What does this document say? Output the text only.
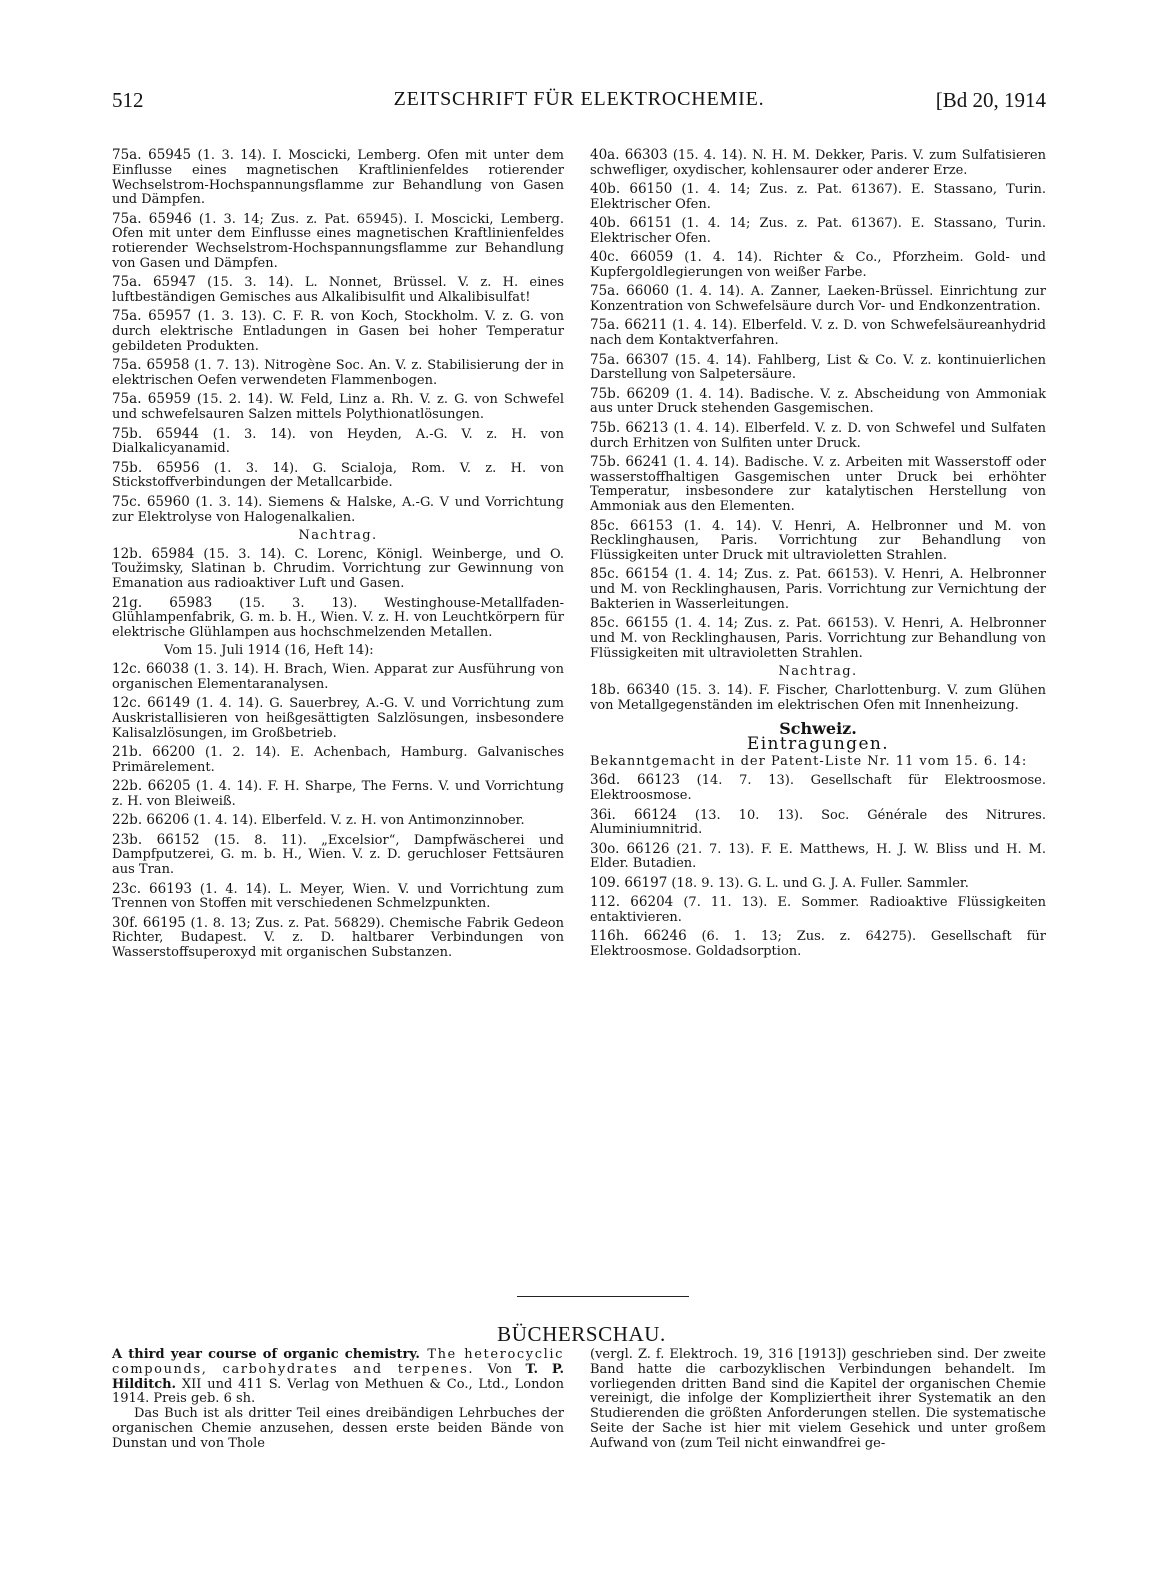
512	ZEITSCHRIFT FÜR ELEKTROCHEMIE.	[Bd 20, 1914

75a. 65945 (1. 3. 14). I. Moscicki, Lemberg. Ofen mit unter dem Einflusse eines magnetischen Kraftlinienfeldes rotierender Wechselstrom-Hochspannungsflamme zur Behandlung von Gasen und Dämpfen.

75a. 65946 (1. 3. 14; Zus. z. Pat. 65945). I. Moscicki, Lemberg. Ofen mit unter dem Einflusse eines magnetischen Kraftlinienfeldes rotierender Wechselstrom-Hochspannungsflamme zur Behandlung von Gasen und Dämpfen.

75a. 65947 (15. 3. 14). L. Nonnet, Brüssel. V. z. H. eines luftbeständigen Gemisches aus Alkalibisulfit und Alkalibisulfat!

75a. 65957 (1. 3. 13). C. F. R. von Koch, Stockholm. V. z. G. von durch elektrische Entladungen in Gasen bei hoher Temperatur gebildeten Produkten.

75a. 65958 (1. 7. 13). Nitrogène Soc. An. V. z. Stabilisierung der in elektrischen Oefen verwendeten Flammenbogen.

75a. 65959 (15. 2. 14). W. Feld, Linz a. Rh. V. z. G. von Schwefel und schwefelsauren Salzen mittels Polythionatlösungen.

75b. 65944 (1. 3. 14). von Heyden, A.-G. V. z. H. von Dialkalicyanamid.

75b. 65956 (1. 3. 14). G. Scialoja, Rom. V. z. H. von Stickstoffverbindungen der Metallcarbide.

75c. 65960 (1. 3. 14). Siemens & Halske, A.-G. V und Vorrichtung zur Elektrolyse von Halogenalkalien.

Nachtrag.

12b. 65984 (15. 3. 14). C. Lorenc, Königl. Weinberge, und O. Toužimsky, Slatinan b. Chrudim. Vorrichtung zur Gewinnung von Emanation aus radioaktiver Luft und Gasen.

21g. 65983 (15. 3. 13). Westinghouse-Metallfaden-Glühlampenfabrik, G. m. b. H., Wien. V. z. H. von Leuchtkörpern für elektrische Glühlampen aus hochschmelzenden Metallen.

Vom 15. Juli 1914 (16, Heft 14):

12c. 66038 (1. 3. 14). H. Brach, Wien. Apparat zur Ausführung von organischen Elementaranalysen.

12c. 66149 (1. 4. 14). G. Sauerbrey, A.-G. V. und Vorrichtung zum Auskristallisieren von heißgesättigten Salzlösungen, insbesondere Kalisalzlösungen, im Großbetrieb.

21b. 66200 (1. 2. 14). E. Achenbach, Hamburg. Galvanisches Primärelement.

22b. 66205 (1. 4. 14). F. H. Sharpe, The Ferns. V. und Vorrichtung z. H. von Bleiweiß.

22b. 66206 (1. 4. 14). Elberfeld. V. z. H. von Antimonzinnober.

23b. 66152 (15. 8. 11). „Excelsior“, Dampfwäscherei und Dampfputzerei, G. m. b. H., Wien. V. z. D. geruchloser Fettsäuren aus Tran.

23c. 66193 (1. 4. 14). L. Meyer, Wien. V. und Vorrichtung zum Trennen von Stoffen mit verschiedenen Schmelzpunkten.

30f. 66195 (1. 8. 13; Zus. z. Pat. 56829). Chemische Fabrik Gedeon Richter, Budapest. V. z. D. haltbarer Verbindungen von Wasserstoffsuperoxyd mit organischen Substanzen.

40a. 66303 (15. 4. 14). N. H. M. Dekker, Paris. V. zum Sulfatisieren schwefliger, oxydischer, kohlensaurer oder anderer Erze.

40b. 66150 (1. 4. 14; Zus. z. Pat. 61367). E. Stassano, Turin. Elektrischer Ofen.

40b. 66151 (1. 4. 14; Zus. z. Pat. 61367). E. Stassano, Turin. Elektrischer Ofen.

40c. 66059 (1. 4. 14). Richter & Co., Pforzheim. Gold- und Kupfergoldlegierungen von weißer Farbe.

75a. 66060 (1. 4. 14). A. Zanner, Laeken-Brüssel. Einrichtung zur Konzentration von Schwefelsäure durch Vor- und Endkonzentration.

75a. 66211 (1. 4. 14). Elberfeld. V. z. D. von Schwefelsäureanhydrid nach dem Kontaktverfahren.

75a. 66307 (15. 4. 14). Fahlberg, List & Co. V. z. kontinuierlichen Darstellung von Salpetersäure.

75b. 66209 (1. 4. 14). Badische. V. z. Abscheidung von Ammoniak aus unter Druck stehenden Gasgemischen.

75b. 66213 (1. 4. 14). Elberfeld. V. z. D. von Schwefel und Sulfaten durch Erhitzen von Sulfiten unter Druck.

75b. 66241 (1. 4. 14). Badische. V. z. Arbeiten mit Wasserstoff oder wasserstoffhaltigen Gasgemischen unter Druck bei erhöhter Temperatur, insbesondere zur katalytischen Herstellung von Ammoniak aus den Elementen.

85c. 66153 (1. 4. 14). V. Henri, A. Helbronner und M. von Recklinghausen, Paris. Vorrichtung zur Behandlung von Flüssigkeiten unter Druck mit ultravioletten Strahlen.

85c. 66154 (1. 4. 14; Zus. z. Pat. 66153). V. Henri, A. Helbronner und M. von Recklinghausen, Paris. Vorrichtung zur Vernichtung der Bakterien in Wasserleitungen.

85c. 66155 (1. 4. 14; Zus. z. Pat. 66153). V. Henri, A. Helbronner und M. von Recklinghausen, Paris. Vorrichtung zur Behandlung von Flüssigkeiten mit ultravioletten Strahlen.

Nachtrag.

18b. 66340 (15. 3. 14). F. Fischer, Charlottenburg. V. zum Glühen von Metallgegenständen im elektrischen Ofen mit Innenheizung.

Schweiz.
Eintragungen.

Bekanntgemacht in der Patent-Liste Nr. 11 vom 15. 6. 14:

36d. 66123 (14. 7. 13). Gesellschaft für Elektroosmose. Elektroosmose.

36i. 66124 (13. 10. 13). Soc. Générale des Nitrures. Aluminiumnitrid.

30o. 66126 (21. 7. 13). F. E. Matthews, H. J. W. Bliss und H. M. Elder. Butadien.

109. 66197 (18. 9. 13). G. L. und G. J. A. Fuller. Sammler.

112. 66204 (7. 11. 13). E. Sommer. Radioaktive Flüssigkeiten entaktivieren.

116h. 66246 (6. 1. 13; Zus. z. 64275). Gesellschaft für Elektroosmose. Goldadsorption.

BÜCHERSCHAU.

A third year course of organic chemistry. The heterocyclic compounds, carbohydrates and terpenes. Von T. P. Hilditch. XII und 411 S. Verlag von Methuen & Co., Ltd., London 1914. Preis geb. 6 sh.

Das Buch ist als dritter Teil eines dreibändigen Lehrbuches der organischen Chemie anzusehen, dessen erste beiden Bände von Dunstan und von Thole

(vergl. Z. f. Elektroch. 19, 316 [1913]) geschrieben sind. Der zweite Band hatte die carbozyklischen Verbindungen behandelt. Im vorliegenden dritten Band sind die Kapitel der organischen Chemie vereinigt, die infolge der Kompliziertheit ihrer Systematik an den Studierenden die größten Anforderungen stellen. Die systematische Seite der Sache ist hier mit vielem Gesehick und unter großem Aufwand von (zum Teil nicht einwandfrei ge-
